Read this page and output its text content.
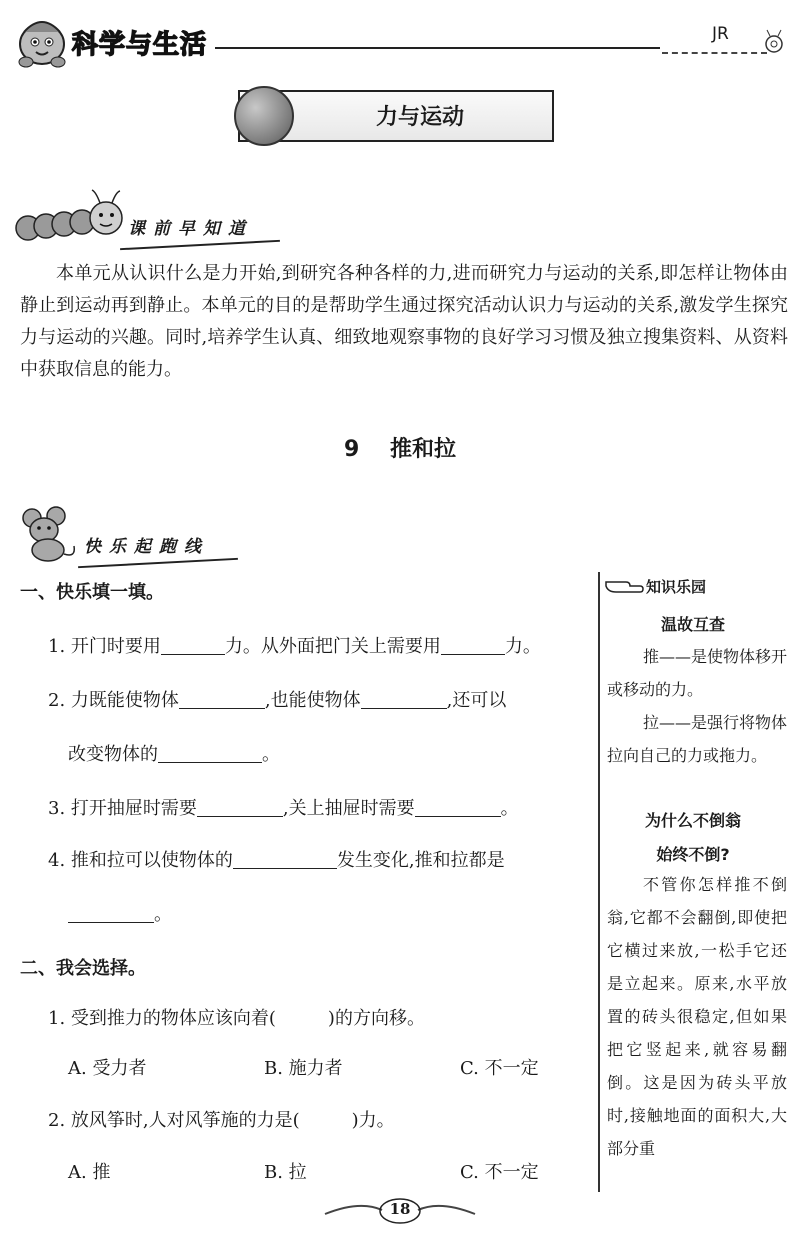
科学与生活	JR
力与运动
课前早知道

本单元从认识什么是力开始,到研究各种各样的力,进而研究力与运动的关系,即怎样让物体由静止到运动再到静止。本单元的目的是帮助学生通过探究活动认识力与运动的关系,激发学生探究力与运动的兴趣。同时,培养学生认真、细致地观察事物的良好学习习惯及独立搜集资料、从资料中获取信息的能力。

9 推和拉
快乐起跑线
一、快乐填一填。
1. 开门时要用	力。从外面把门关上需要用	力。
2. 力既能使物体	,也能使物体	,还可以
改变物体的	。
3. 打开抽屉时需要	,关上抽屉时需要	。
4. 推和拉可以使物体的	发生变化,推和拉都是
。
二、我会选择。
1. 受到推力的物体应该向着(	)的方向移。
A. 受力者	B. 施力者	C. 不一定
2. 放风筝时,人对风筝施的力是(	)力。
A. 推	B. 拉	C. 不一定
知识乐园
温故互查

推——是使物体移开或移动的力。

拉——是强行将物体拉向自己的力或拖力。

为什么不倒翁
始终不倒?

不管你怎样推不倒翁,它都不会翻倒,即使把它横过来放,一松手它还是立起来。原来,水平放置的砖头很稳定,但如果把它竖起来,就容易翻倒。这是因为砖头平放时,接触地面的面积大,大部分重

18
